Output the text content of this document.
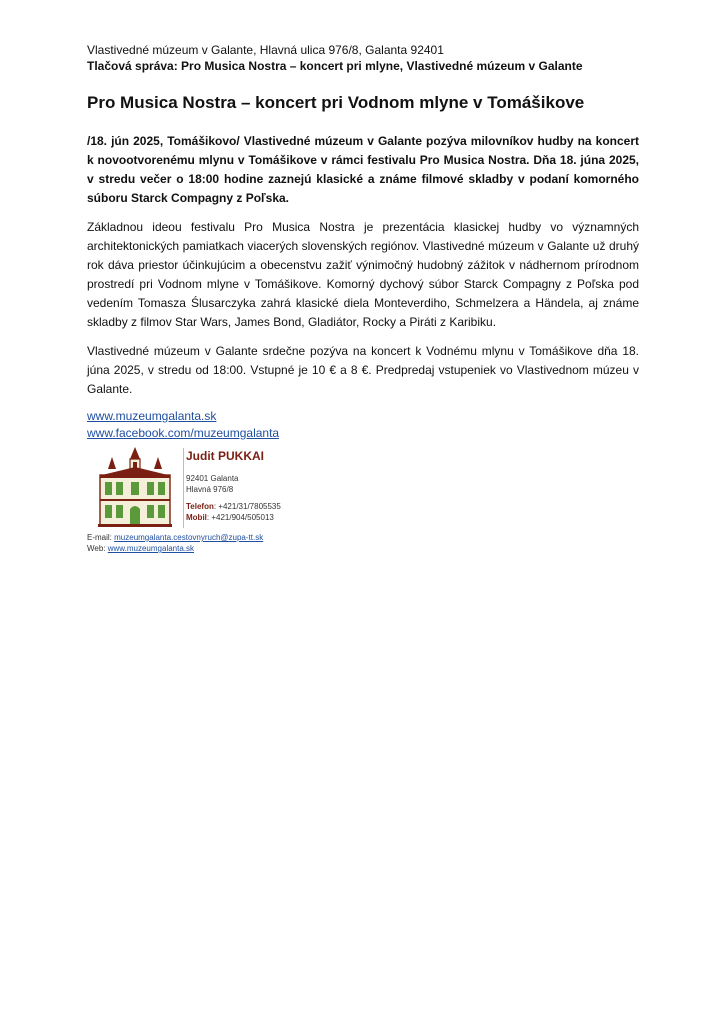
Vlastivedné múzeum v Galante, Hlavná ulica 976/8, Galanta 92401
Tlačová správa: Pro Musica Nostra – koncert pri mlyne, Vlastivedné múzeum v Galante
Pro Musica Nostra – koncert pri Vodnom mlyne v Tomášikove

/18. jún 2025, Tomášikovo/ Vlastivedné múzeum v Galante pozýva milovníkov hudby na koncert k novootvorenému mlynu v Tomášikove v rámci festivalu Pro Musica Nostra. Dňa 18. júna 2025, v stredu večer o 18:00 hodine zaznejú klasické a známe filmové skladby v podaní komorného súboru Starck Compagny z Poľska.

Základnou ideou festivalu Pro Musica Nostra je prezentácia klasickej hudby vo významných architektonických pamiatkach viacerých slovenských regiónov. Vlastivedné múzeum v Galante už druhý rok dáva priestor účinkujúcim a obecenstvu zažiť výnimočný hudobný zážitok v nádhernom prírodnom prostredí pri Vodnom mlyne v Tomášikove. Komorný dychový súbor Starck Compagny z Poľska pod vedením Tomasza Ślusarczyka zahrá klasické diela Monteverdiho, Schmelzera a Händela, aj známe skladby z filmov Star Wars, James Bond, Gladiátor, Rocky a Piráti z Karibiku.

Vlastivedné múzeum v Galante srdečne pozýva na koncert k Vodnému mlynu v Tomášikove dňa 18. júna 2025, v stredu od 18:00. Vstupné je 10 € a 8 €. Predpredaj vstupeniek vo Vlastivednom múzeu v Galante.

www.muzeumgalanta.sk
www.facebook.com/muzeumgalanta
Judit PUKKAI
92401 Galanta
Hlavná 976/8
Telefon: +421/31/7805535
Mobil: +421/904/505013
E-mail: muzeumgalanta.cestovnyruch@zupa-tt.sk
Web: www.muzeumgalanta.sk
